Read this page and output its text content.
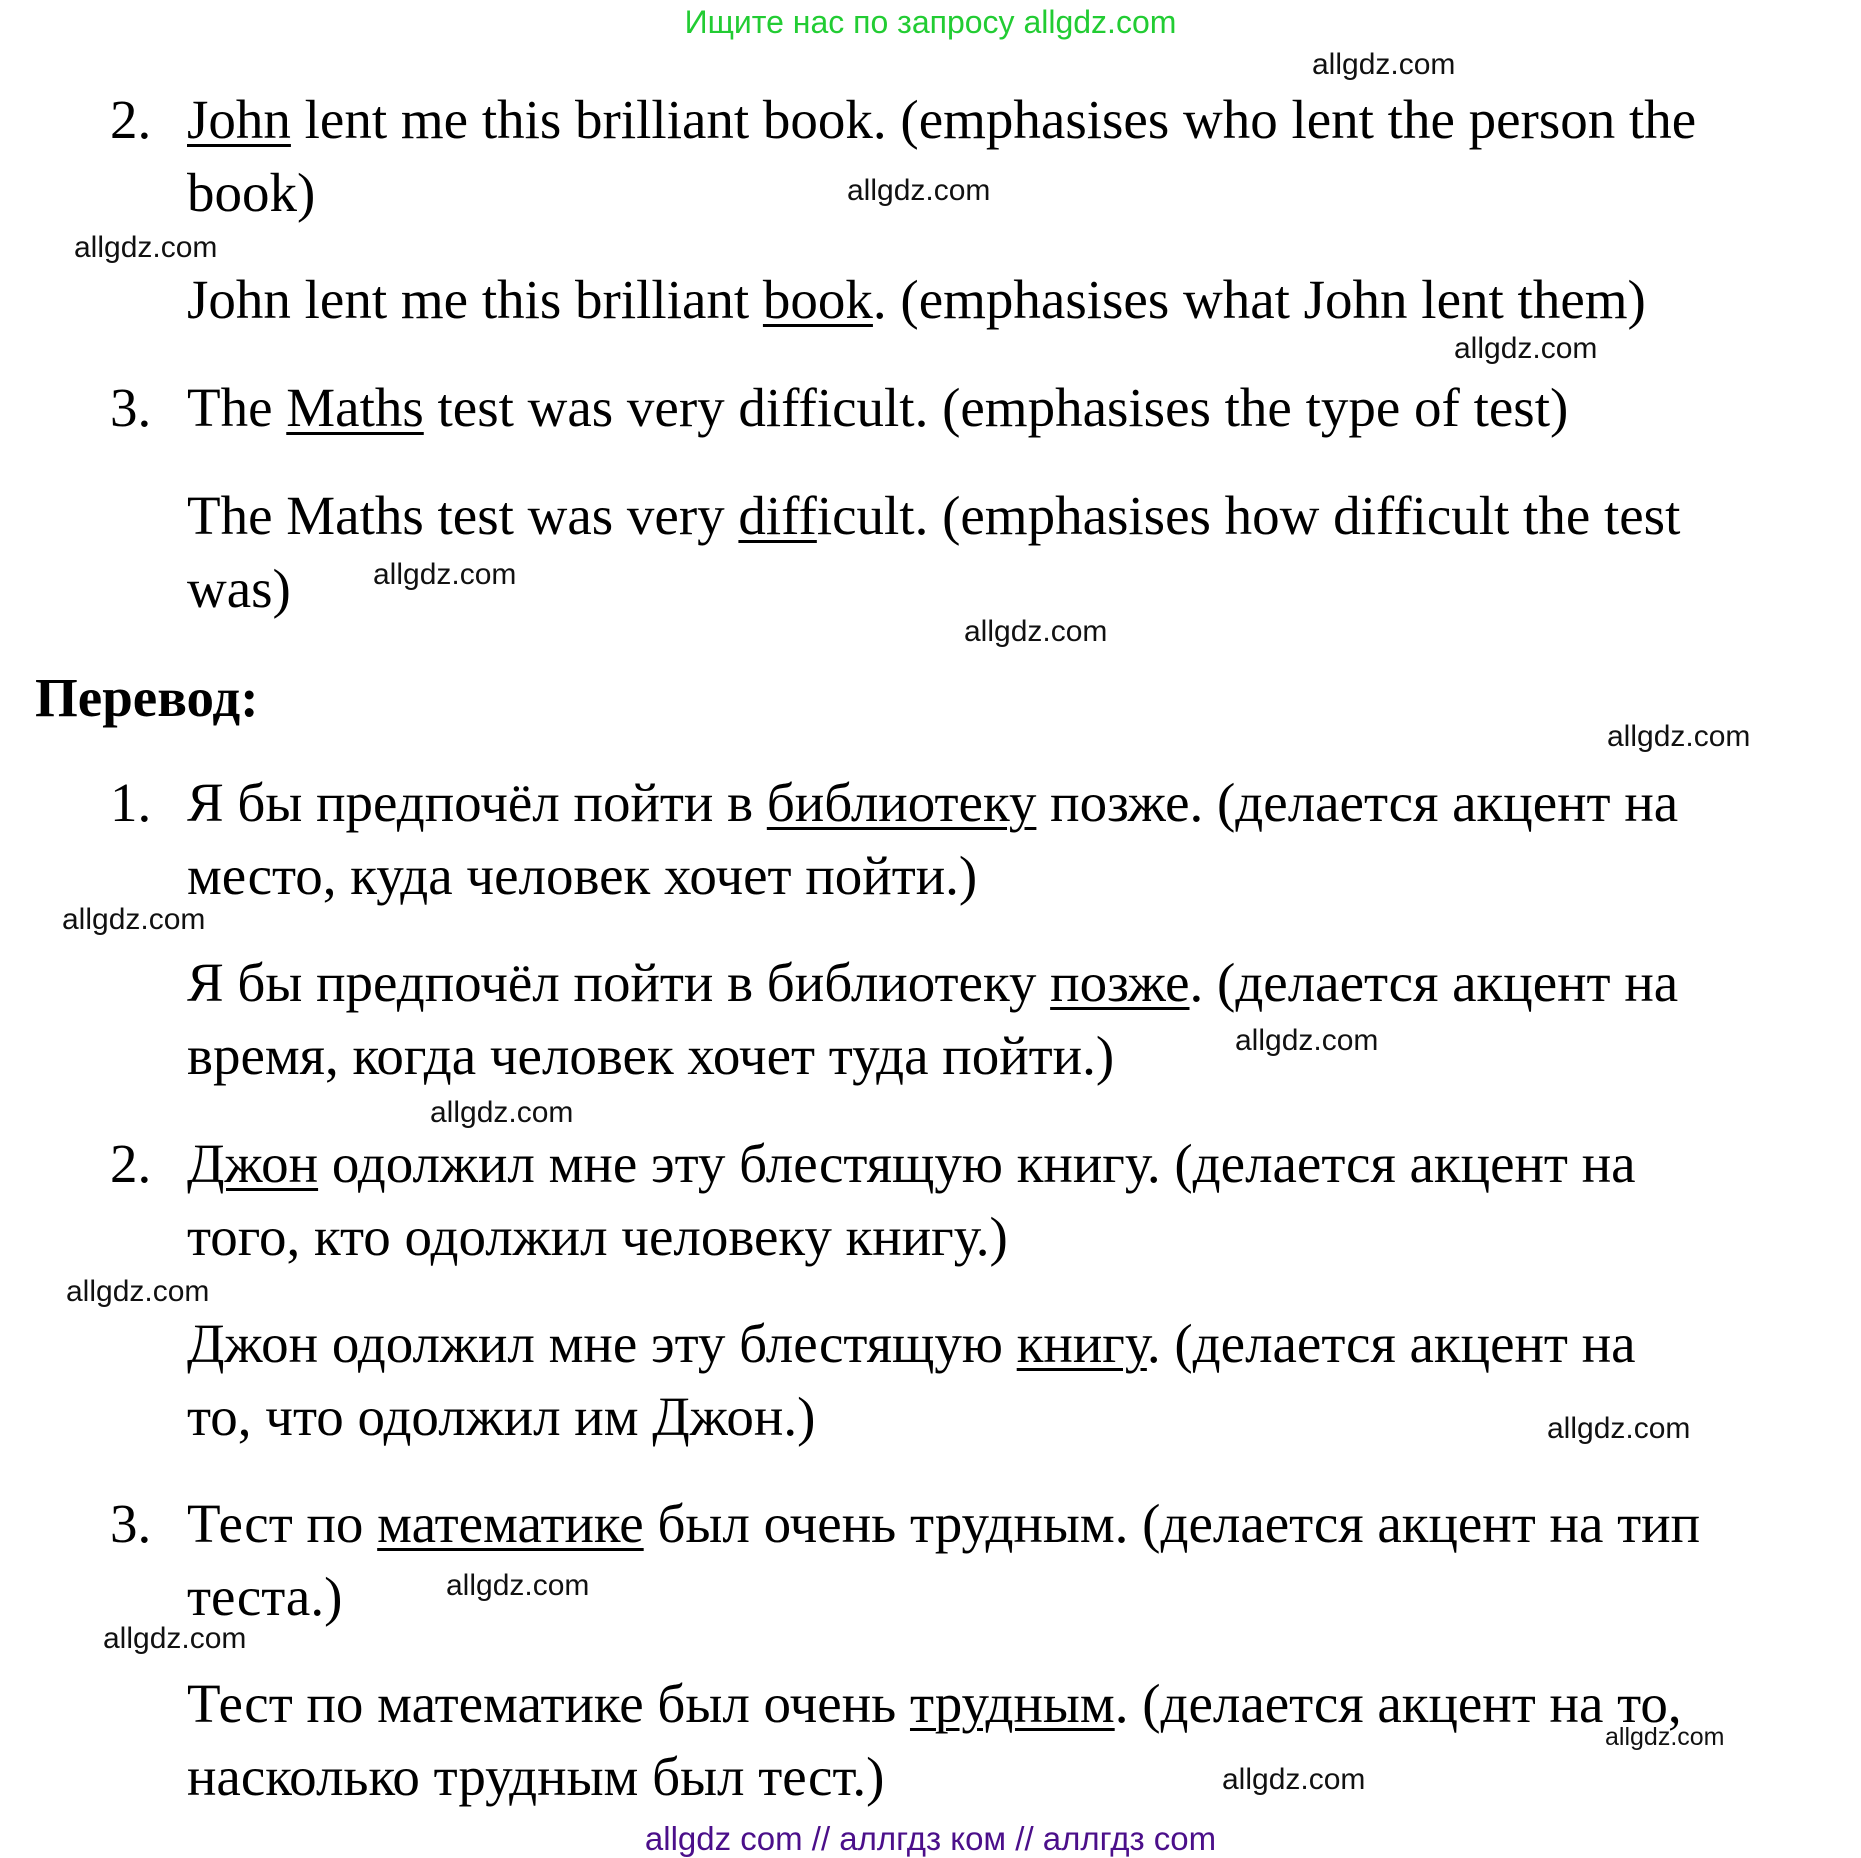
Ищите нас по запросу allgdz.com
2. John lent me this brilliant book. (emphasises who lent the person the
book)
John lent me this brilliant book. (emphasises what John lent them)
3. The Maths test was very difficult. (emphasises the type of test)
The Maths test was very difficult. (emphasises how difficult the test
was)
Перевод:
1. Я бы предпочёл пойти в библиотеку позже. (делается акцент на
место, куда человек хочет пойти.)
Я бы предпочёл пойти в библиотеку позже. (делается акцент на
время, когда человек хочет туда пойти.)
2. Джон одолжил мне эту блестящую книгу. (делается акцент на
того, кто одолжил человеку книгу.)
Джон одолжил мне эту блестящую книгу. (делается акцент на
то, что одолжил им Джон.)
3. Тест по математике был очень трудным. (делается акцент на тип
теста.)
Тест по математике был очень трудным. (делается акцент на то,
насколько трудным был тест.)
allgdz.com
allgdz.com
allgdz.com
allgdz.com
allgdz.com
allgdz.com
allgdz.com
allgdz.com
allgdz.com
allgdz.com
allgdz.com
allgdz.com
allgdz.com
allgdz.com
allgdz.com
allgdz.com
allgdz com // аллгдз ком // аллгдз com
